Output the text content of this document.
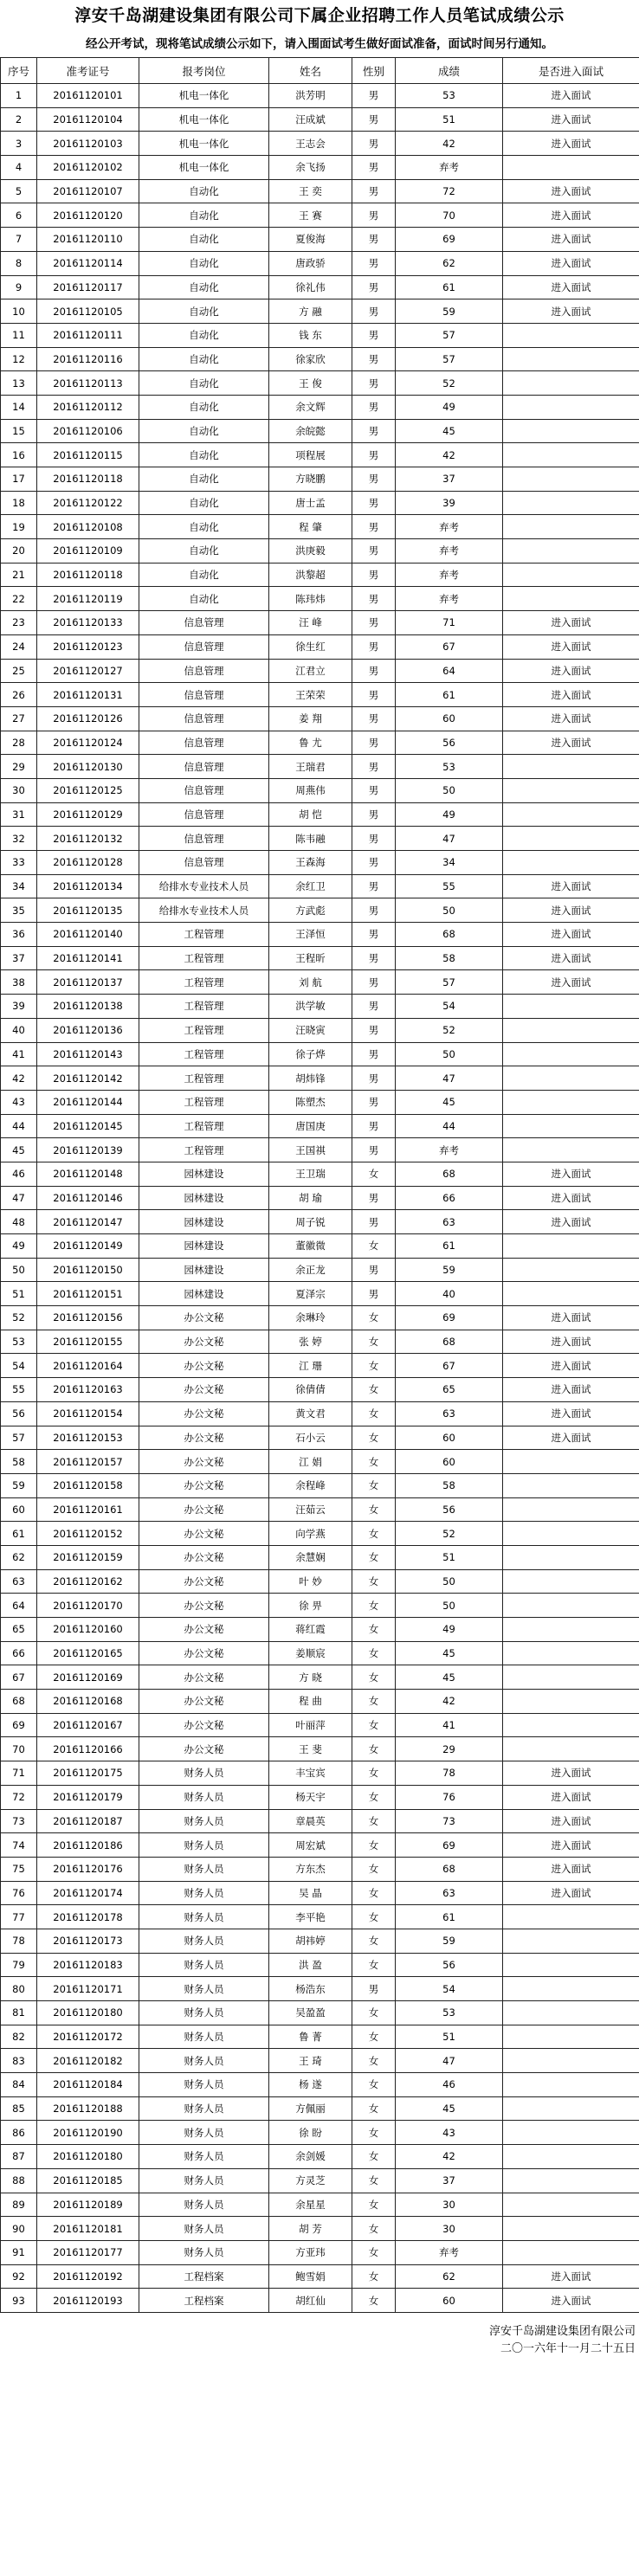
淳安千岛湖建设集团有限公司下属企业招聘工作人员笔试成绩公示
经公开考试，现将笔试成绩公示如下，请入围面试考生做好面试准备，面试时间另行通知。
序号	准考证号	报考岗位	姓名	性别	成绩	是否进入面试
1	20161120101	机电一体化	洪芳明	男	53	进入面试
2	20161120104	机电一体化	汪成斌	男	51	进入面试
3	20161120103	机电一体化	王志会	男	42	进入面试
4	20161120102	机电一体化	余飞扬	男	弃考	
5	20161120107	自动化	王 奕	男	72	进入面试
6	20161120120	自动化	王 赛	男	70	进入面试
7	20161120110	自动化	夏俊海	男	69	进入面试
8	20161120114	自动化	唐政骄	男	62	进入面试
9	20161120117	自动化	徐礼伟	男	61	进入面试
10	20161120105	自动化	方 融	男	59	进入面试
11	20161120111	自动化	钱 东	男	57	
12	20161120116	自动化	徐家欣	男	57	
13	20161120113	自动化	王 俊	男	52	
14	20161120112	自动化	余文辉	男	49	
15	20161120106	自动化	余皖懿	男	45	
16	20161120115	自动化	项程展	男	42	
17	20161120118	自动化	方晓鹏	男	37	
18	20161120122	自动化	唐士孟	男	39	
19	20161120108	自动化	程 肇	男	弃考	
20	20161120109	自动化	洪庚毅	男	弃考	
21	20161120118	自动化	洪黎超	男	弃考	
22	20161120119	自动化	陈玮炜	男	弃考	
23	20161120133	信息管理	汪 峰	男	71	进入面试
24	20161120123	信息管理	徐生红	男	67	进入面试
25	20161120127	信息管理	江君立	男	64	进入面试
26	20161120131	信息管理	王荣荣	男	61	进入面试
27	20161120126	信息管理	姜 翔	男	60	进入面试
28	20161120124	信息管理	鲁 尤	男	56	进入面试
29	20161120130	信息管理	王瑞君	男	53	
30	20161120125	信息管理	周燕伟	男	50	
31	20161120129	信息管理	胡 恺	男	49	
32	20161120132	信息管理	陈韦融	男	47	
33	20161120128	信息管理	王森海	男	34	
34	20161120134	给排水专业技术人员	余红卫	男	55	进入面试
35	20161120135	给排水专业技术人员	方武彪	男	50	进入面试
36	20161120140	工程管理	王泽恒	男	68	进入面试
37	20161120141	工程管理	王程昕	男	58	进入面试
38	20161120137	工程管理	刘 航	男	57	进入面试
39	20161120138	工程管理	洪学敏	男	54	
40	20161120136	工程管理	汪晓寅	男	52	
41	20161120143	工程管理	徐子烨	男	50	
42	20161120142	工程管理	胡炜锋	男	47	
43	20161120144	工程管理	陈塑杰	男	45	
44	20161120145	工程管理	唐国庚	男	44	
45	20161120139	工程管理	王国祺	男	弃考	
46	20161120148	园林建设	王卫瑞	女	68	进入面试
47	20161120146	园林建设	胡 瑜	男	66	进入面试
48	20161120147	园林建设	周子锐	男	63	进入面试
49	20161120149	园林建设	董徽微	女	61	
50	20161120150	园林建设	余正龙	男	59	
51	20161120151	园林建设	夏泽宗	男	40	
52	20161120156	办公文秘	余琳玲	女	69	进入面试
53	20161120155	办公文秘	张 婷	女	68	进入面试
54	20161120164	办公文秘	江 珊	女	67	进入面试
55	20161120163	办公文秘	徐倩倩	女	65	进入面试
56	20161120154	办公文秘	黄文君	女	63	进入面试
57	20161120153	办公文秘	石小云	女	60	进入面试
58	20161120157	办公文秘	江 娟	女	60	
59	20161120158	办公文秘	余程峰	女	58	
60	20161120161	办公文秘	汪茹云	女	56	
61	20161120152	办公文秘	向学燕	女	52	
62	20161120159	办公文秘	余慧娴	女	51	
63	20161120162	办公文秘	叶 妙	女	50	
64	20161120170	办公文秘	徐 畀	女	50	
65	20161120160	办公文秘	蒋红霞	女	49	
66	20161120165	办公文秘	姜顺宸	女	45	
67	20161120169	办公文秘	方 晓	女	45	
68	20161120168	办公文秘	程 曲	女	42	
69	20161120167	办公文秘	叶丽萍	女	41	
70	20161120166	办公文秘	王 斐	女	29	
71	20161120175	财务人员	丰宝宾	女	78	进入面试
72	20161120179	财务人员	杨天宇	女	76	进入面试
73	20161120187	财务人员	章晨英	女	73	进入面试
74	20161120186	财务人员	周宏斌	女	69	进入面试
75	20161120176	财务人员	方东杰	女	68	进入面试
76	20161120174	财务人员	吴 晶	女	63	进入面试
77	20161120178	财务人员	李平艳	女	61	
78	20161120173	财务人员	胡祎婷	女	59	
79	20161120183	财务人员	洪 盈	女	56	
80	20161120171	财务人员	杨浩东	男	54	
81	20161120180	财务人员	吴盈盈	女	53	
82	20161120172	财务人员	鲁 菁	女	51	
83	20161120182	财务人员	王 琦	女	47	
84	20161120184	财务人员	杨 遂	女	46	
85	20161120188	财务人员	方佩丽	女	45	
86	20161120190	财务人员	徐 盼	女	43	
87	20161120180	财务人员	余剑媛	女	42	
88	20161120185	财务人员	方灵芝	女	37	
89	20161120189	财务人员	余星星	女	30	
90	20161120181	财务人员	胡 芳	女	30	
91	20161120177	财务人员	方亚玮	女	弃考	
92	20161120192	工程档案	鲍雪娟	女	62	进入面试
93	20161120193	工程档案	胡红仙	女	60	进入面试
淳安千岛湖建设集团有限公司
二〇一六年十一月二十五日
